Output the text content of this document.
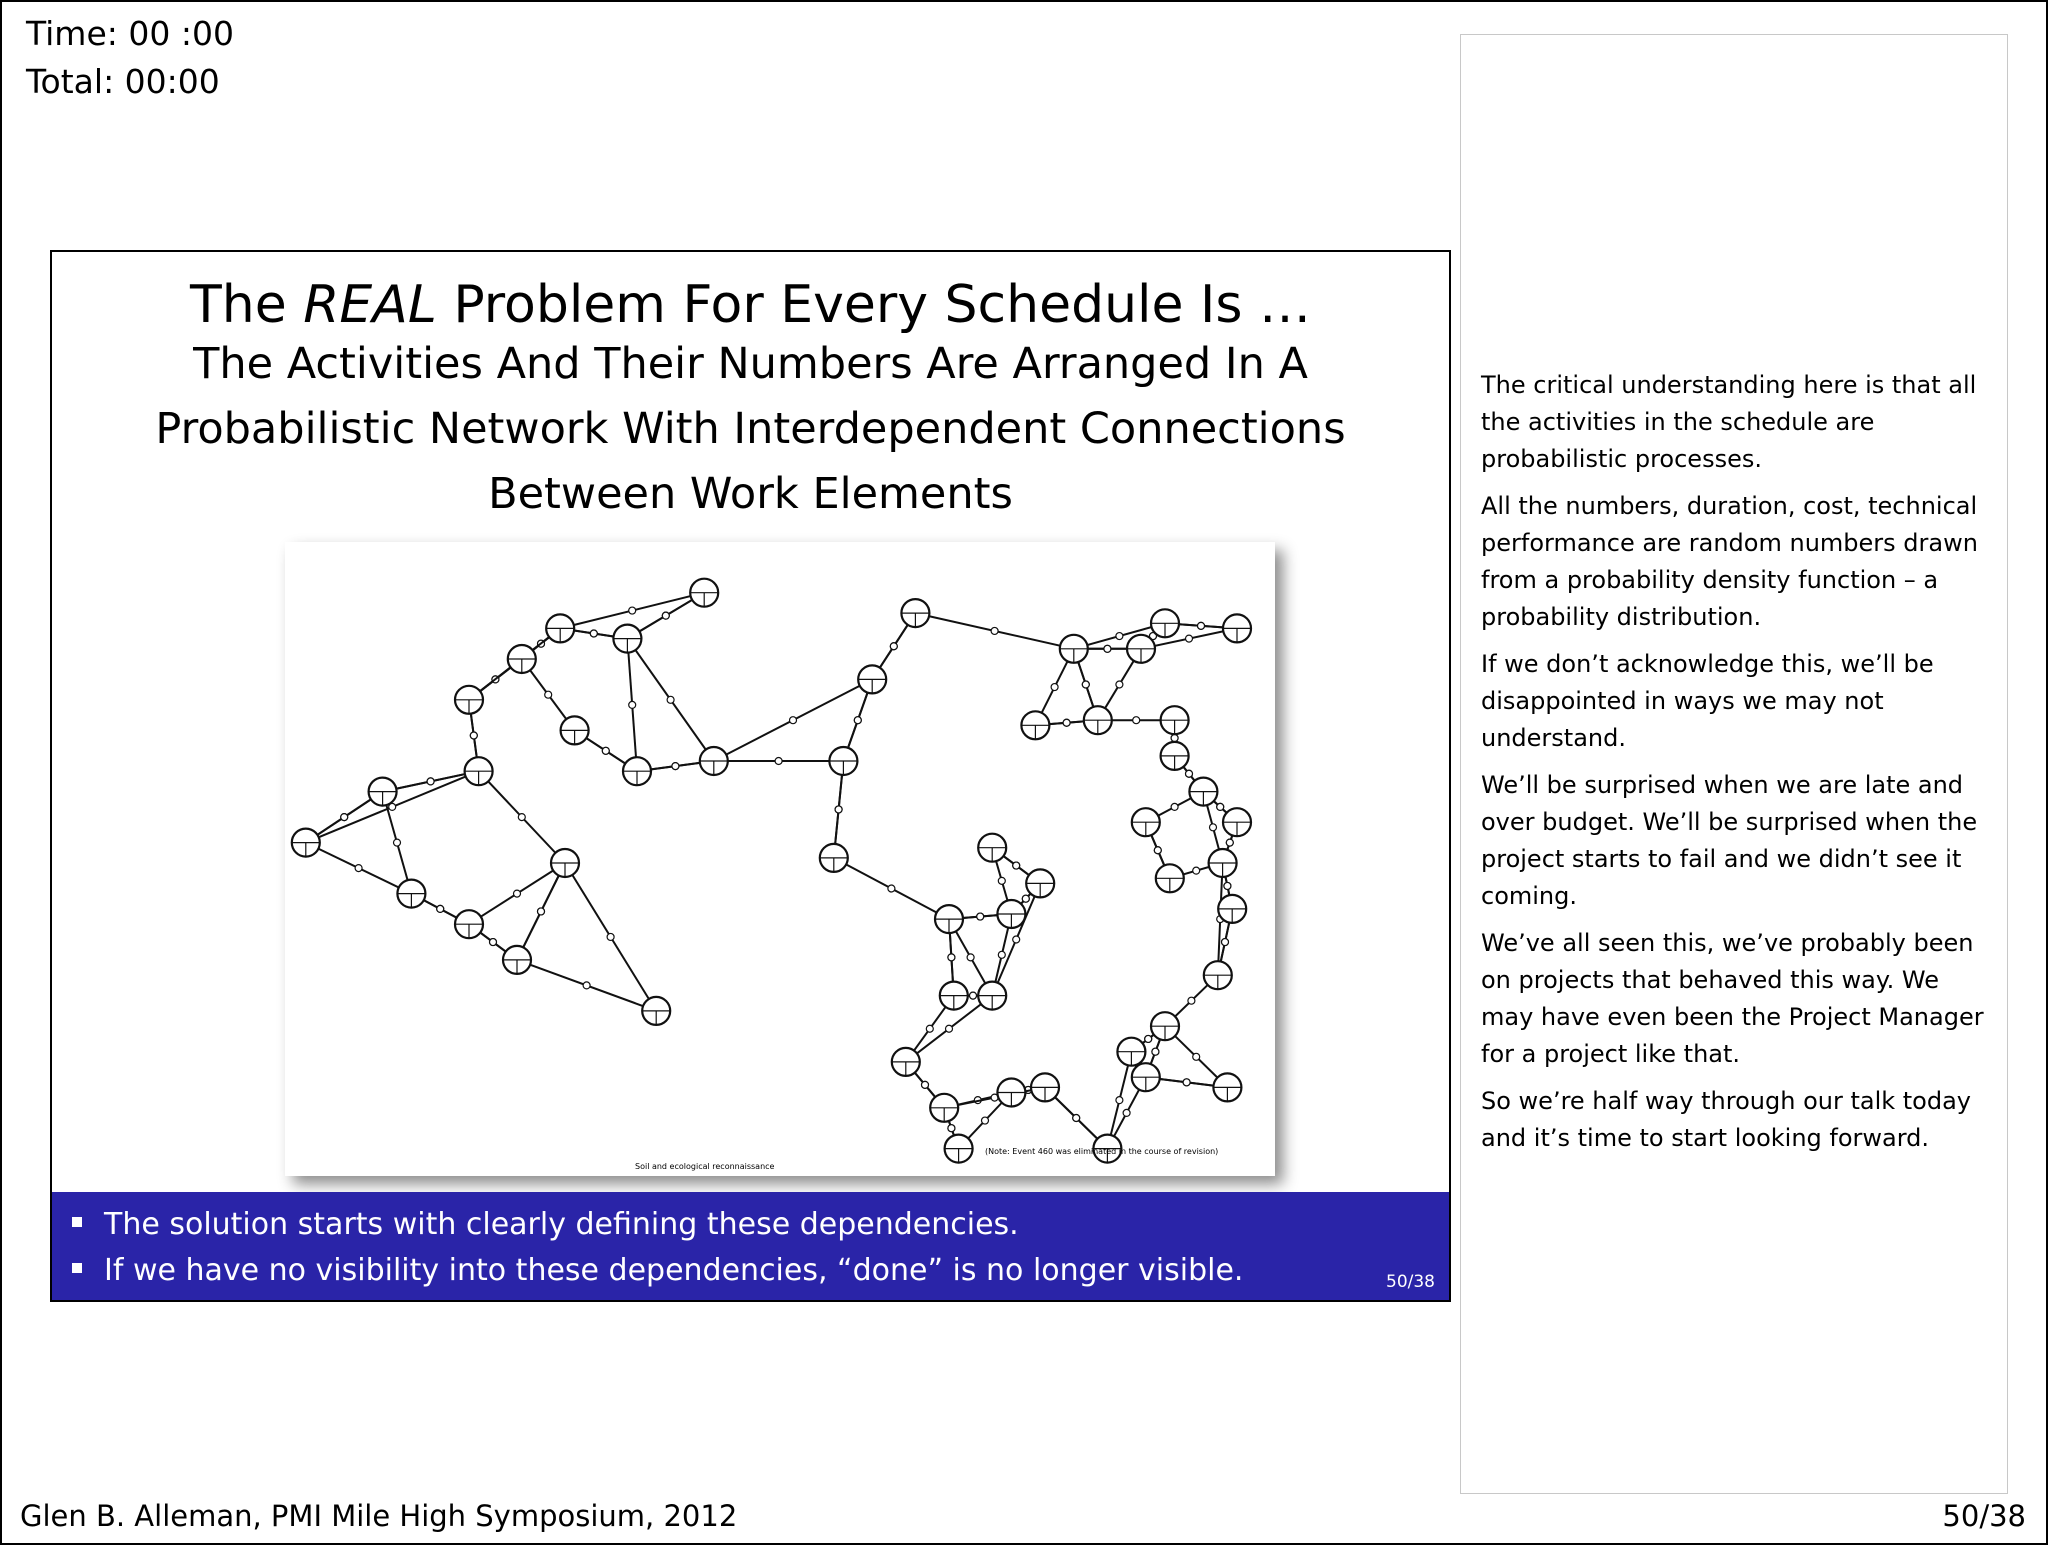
Time: 00 :00
Total: 00:00
The REAL Problem For Every Schedule Is …
The Activities And Their Numbers Are Arranged In A
Probabilistic Network With Interdependent Connections
Between Work Elements
(Note: Event 460 was eliminated in the course of revision)
Soil and ecological reconnaissance
The solution starts with clearly defining these dependencies.
If we have no visibility into these dependencies, “done” is no longer visible.	50/38

The critical understanding here is that all the activities in the schedule are probabilistic processes.

All the numbers, duration, cost, technical performance are random numbers drawn from a probability density function – a probability distribution.

If we don’t acknowledge this, we’ll be disappointed in ways we may not understand.

We’ll be surprised when we are late and over budget. We’ll be surprised when the project starts to fail and we didn’t see it coming.

We’ve all seen this, we’ve probably been on projects that behaved this way. We may have even been the Project Manager for a project like that.

So we’re half way through our talk today and it’s time to start looking forward.

Glen B. Alleman, PMI Mile High Symposium, 2012	50/38
